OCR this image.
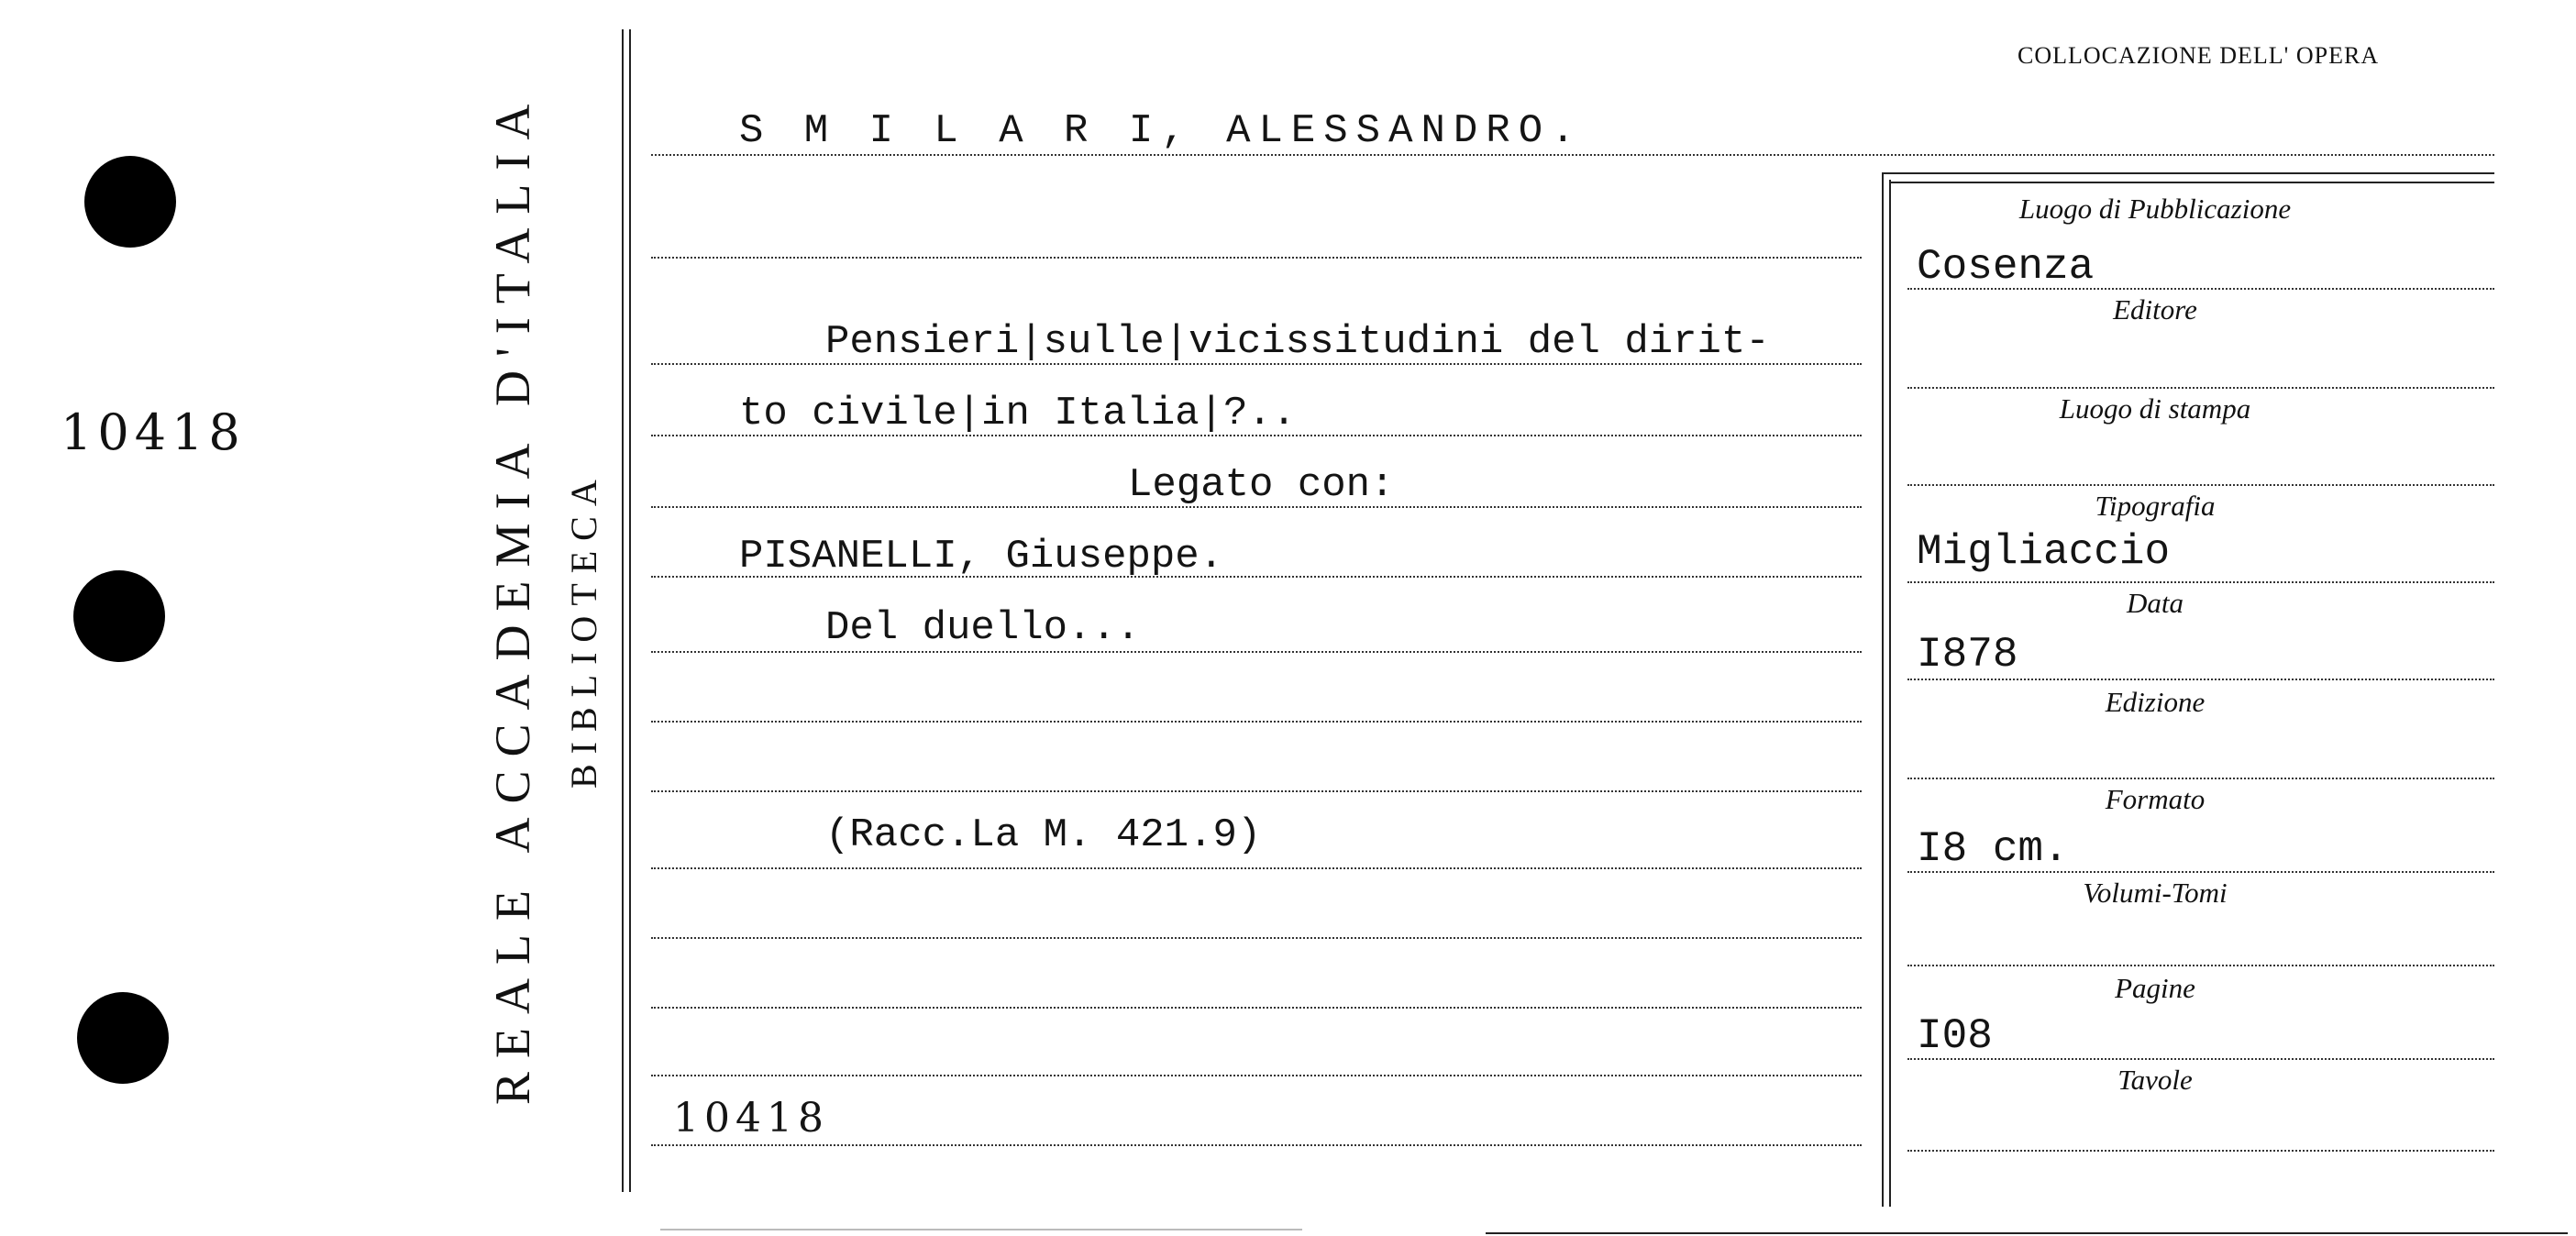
10418	REALE ACCADEMIA D'ITALIA BIBLIOTECA
COLLOCAZIONE DELL' OPERA
S M I L A R I, ALESSANDRO.
Pensieri|sulle|vicissitudini del dirit-
to civile|in Italia|?..
Legato con:
PISANELLI, Giuseppe.
Del duello...
(Racc.La M. 421.9)
10418
Luogo di Pubblicazione
Cosenza
Editore
Luogo di stampa
Tipografia
Migliaccio
Data
I878
Edizione
Formato
I8 cm.
Volumi-Tomi
Pagine
I08
Tavole
